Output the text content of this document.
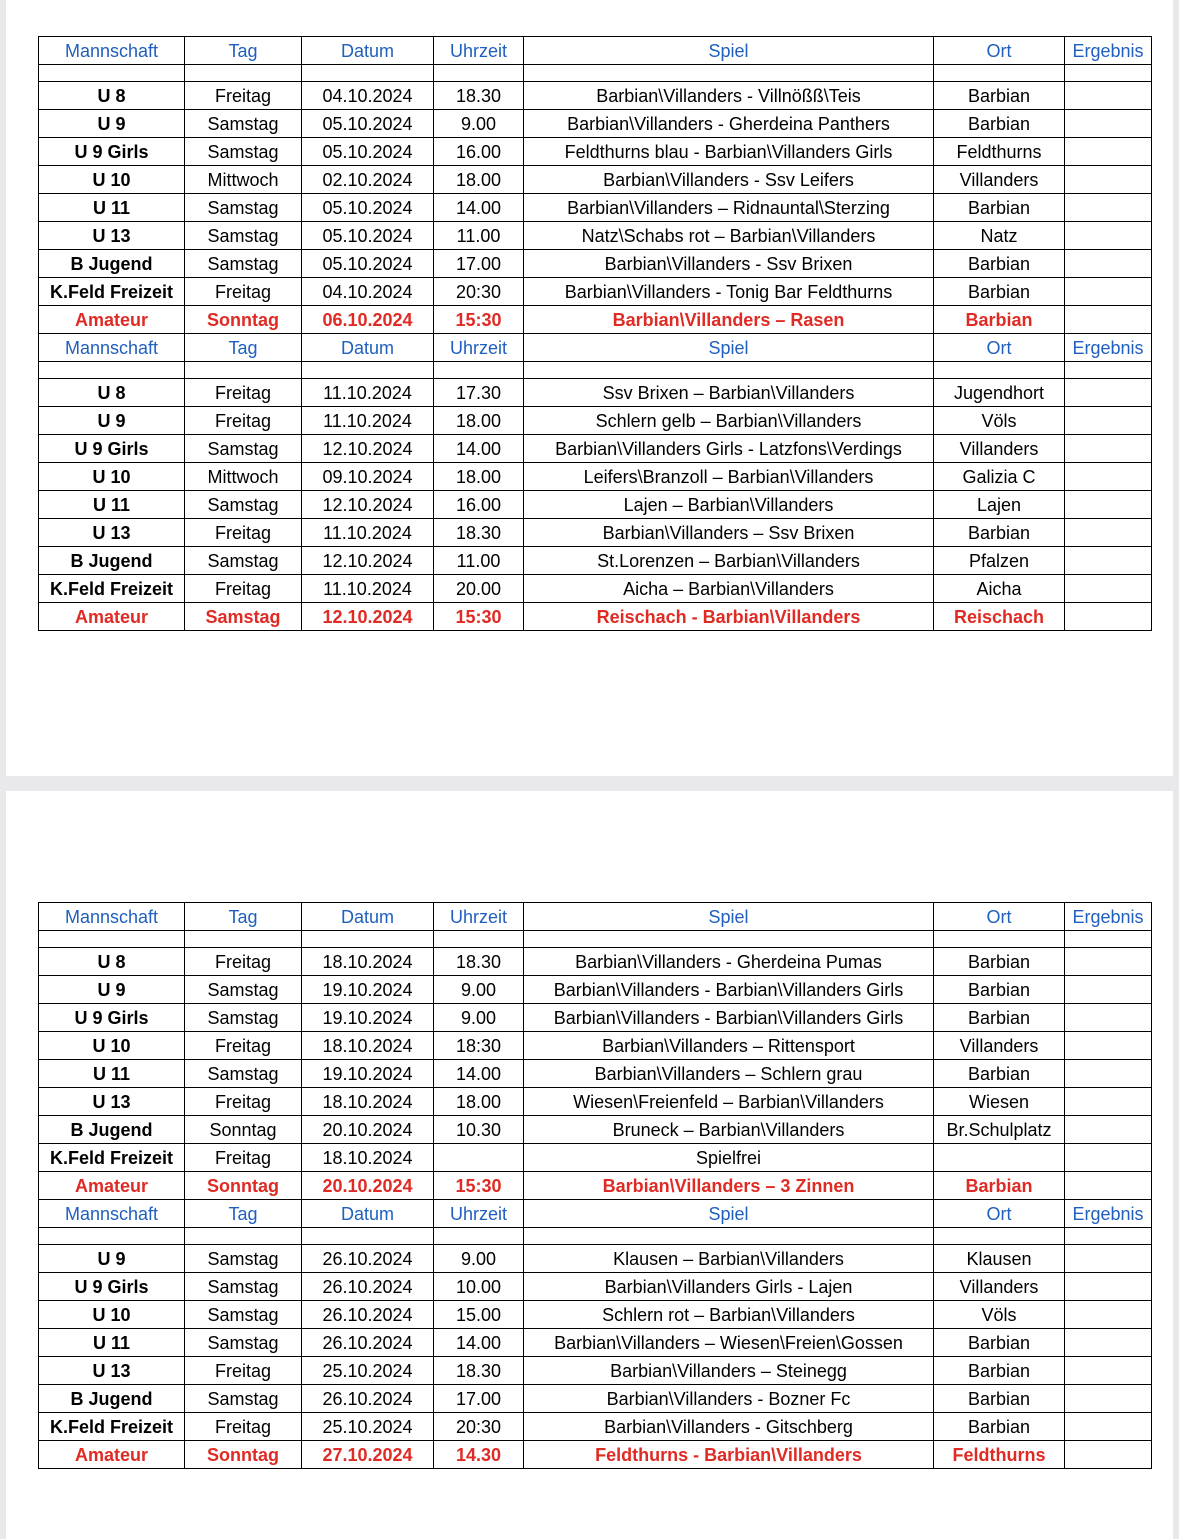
Mannschaft	Tag	Datum	Uhrzeit	Spiel	Ort	Ergebnis

U 8	Freitag	04.10.2024	18.30	Barbian\Villanders - Villnößß\Teis	Barbian	
U 9	Samstag	05.10.2024	9.00	Barbian\Villanders - Gherdeina Panthers	Barbian	
U 9 Girls	Samstag	05.10.2024	16.00	Feldthurns blau - Barbian\Villanders Girls	Feldthurns	
U 10	Mittwoch	02.10.2024	18.00	Barbian\Villanders - Ssv Leifers	Villanders	
U 11	Samstag	05.10.2024	14.00	Barbian\Villanders – Ridnauntal\Sterzing	Barbian	
U 13	Samstag	05.10.2024	11.00	Natz\Schabs rot – Barbian\Villanders	Natz	
B Jugend	Samstag	05.10.2024	17.00	Barbian\Villanders - Ssv Brixen	Barbian	
K.Feld Freizeit	Freitag	04.10.2024	20:30	Barbian\Villanders - Tonig Bar Feldthurns	Barbian	
Amateur	Sonntag	06.10.2024	15:30	Barbian\Villanders – Rasen	Barbian	
Mannschaft	Tag	Datum	Uhrzeit	Spiel	Ort	Ergebnis

U 8	Freitag	11.10.2024	17.30	Ssv Brixen – Barbian\Villanders	Jugendhort	
U 9	Freitag	11.10.2024	18.00	Schlern gelb – Barbian\Villanders	Völs	
U 9 Girls	Samstag	12.10.2024	14.00	Barbian\Villanders Girls - Latzfons\Verdings	Villanders	
U 10	Mittwoch	09.10.2024	18.00	Leifers\Branzoll – Barbian\Villanders	Galizia C	
U 11	Samstag	12.10.2024	16.00	Lajen – Barbian\Villanders	Lajen	
U 13	Freitag	11.10.2024	18.30	Barbian\Villanders – Ssv Brixen	Barbian	
B Jugend	Samstag	12.10.2024	11.00	St.Lorenzen – Barbian\Villanders	Pfalzen	
K.Feld Freizeit	Freitag	11.10.2024	20.00	Aicha – Barbian\Villanders	Aicha	
Amateur	Samstag	12.10.2024	15:30	Reischach - Barbian\Villanders	Reischach	
Mannschaft	Tag	Datum	Uhrzeit	Spiel	Ort	Ergebnis

U 8	Freitag	18.10.2024	18.30	Barbian\Villanders - Gherdeina Pumas	Barbian	
U 9	Samstag	19.10.2024	9.00	Barbian\Villanders - Barbian\Villanders Girls	Barbian	
U 9 Girls	Samstag	19.10.2024	9.00	Barbian\Villanders - Barbian\Villanders Girls	Barbian	
U 10	Freitag	18.10.2024	18:30	Barbian\Villanders – Rittensport	Villanders	
U 11	Samstag	19.10.2024	14.00	Barbian\Villanders – Schlern grau	Barbian	
U 13	Freitag	18.10.2024	18.00	Wiesen\Freienfeld – Barbian\Villanders	Wiesen	
B Jugend	Sonntag	20.10.2024	10.30	Bruneck – Barbian\Villanders	Br.Schulplatz	
K.Feld Freizeit	Freitag	18.10.2024		Spielfrei		
Amateur	Sonntag	20.10.2024	15:30	Barbian\Villanders – 3 Zinnen	Barbian	
Mannschaft	Tag	Datum	Uhrzeit	Spiel	Ort	Ergebnis

U 9	Samstag	26.10.2024	9.00	Klausen – Barbian\Villanders	Klausen	
U 9 Girls	Samstag	26.10.2024	10.00	Barbian\Villanders Girls - Lajen	Villanders	
U 10	Samstag	26.10.2024	15.00	Schlern rot – Barbian\Villanders	Völs	
U 11	Samstag	26.10.2024	14.00	Barbian\Villanders – Wiesen\Freien\Gossen	Barbian	
U 13	Freitag	25.10.2024	18.30	Barbian\Villanders – Steinegg	Barbian	
B Jugend	Samstag	26.10.2024	17.00	Barbian\Villanders - Bozner Fc	Barbian	
K.Feld Freizeit	Freitag	25.10.2024	20:30	Barbian\Villanders - Gitschberg	Barbian	
Amateur	Sonntag	27.10.2024	14.30	Feldthurns - Barbian\Villanders	Feldthurns	
